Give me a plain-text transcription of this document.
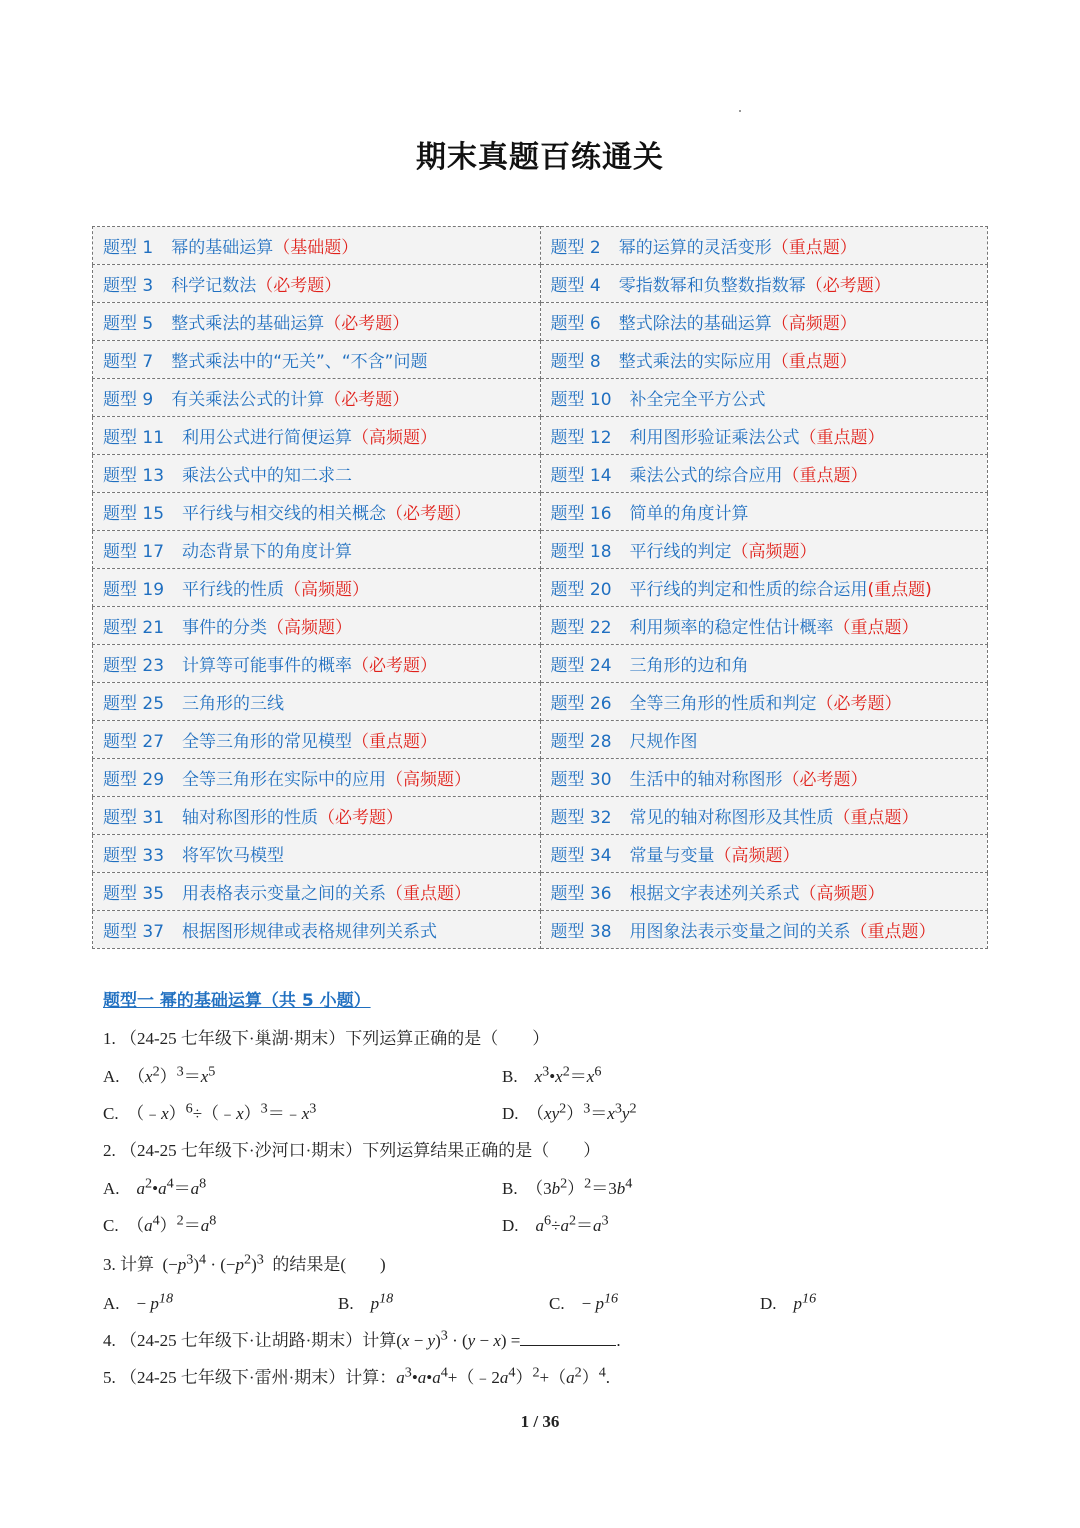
期末真题百练通关
题型 1 幂的基础运算（基础题）	题型 2 幂的运算的灵活变形（重点题）
题型 3 科学记数法（必考题）	题型 4 零指数幂和负整数指数幂（必考题）
题型 5 整式乘法的基础运算（必考题）	题型 6 整式除法的基础运算（高频题）
题型 7 整式乘法中的“无关”、“不含”问题	题型 8 整式乘法的实际应用（重点题）
题型 9 有关乘法公式的计算（必考题）	题型 10 补全完全平方公式
题型 11 利用公式进行简便运算（高频题）	题型 12 利用图形验证乘法公式（重点题）
题型 13 乘法公式中的知二求二	题型 14 乘法公式的综合应用（重点题）
题型 15 平行线与相交线的相关概念（必考题）	题型 16 简单的角度计算
题型 17 动态背景下的角度计算	题型 18 平行线的判定（高频题）
题型 19 平行线的性质（高频题）	题型 20 平行线的判定和性质的综合运用(重点题)
题型 21 事件的分类（高频题）	题型 22 利用频率的稳定性估计概率（重点题）
题型 23 计算等可能事件的概率（必考题）	题型 24 三角形的边和角
题型 25 三角形的三线	题型 26 全等三角形的性质和判定（必考题）
题型 27 全等三角形的常见模型（重点题）	题型 28 尺规作图
题型 29 全等三角形在实际中的应用（高频题）	题型 30 生活中的轴对称图形（必考题）
题型 31 轴对称图形的性质（必考题）	题型 32 常见的轴对称图形及其性质（重点题）
题型 33 将军饮马模型	题型 34 常量与变量（高频题）
题型 35 用表格表示变量之间的关系（重点题）	题型 36 根据文字表述列关系式（高频题）
题型 37 根据图形规律或表格规律列关系式	题型 38 用图象法表示变量之间的关系（重点题）
题型一 幂的基础运算（共 5 小题）
1. （24-25 七年级下·巢湖·期末）下列运算正确的是（　　）
A.　$(x^2)^3=x^5$	B.　$x^3•x^2=x^6$
C.　$(﹣x)^6\div(﹣x)^3=﹣x^3$	D.　$(xy^2)^3=x^3y^2$
2. （24-25 七年级下·沙河口·期末）下列运算结果正确的是（　　）
A.　$a^2•a^4=a^8$	B.　$(3b^2)^2=3b^4$
C.　$(a^4)^2=a^8$	D.　$a^6\div a^2=a^3$
3. 计算  $(-p^3)^4 \cdot (-p^2)^3$ 的结果是(　　)
A.　− $p^{18}$	B.　$p^{18}$	C.　− $p^{16}$	D.　$p^{16}$
4. （24-25 七年级下·让胡路·期末）计算$(x - y)^3 \cdot (y - x)$ =	.
5. （24-25 七年级下·雷州·期末）计算：$a^3•a•a^4+(﹣2a^4)^2+(a^2)^4$.
1 / 36
